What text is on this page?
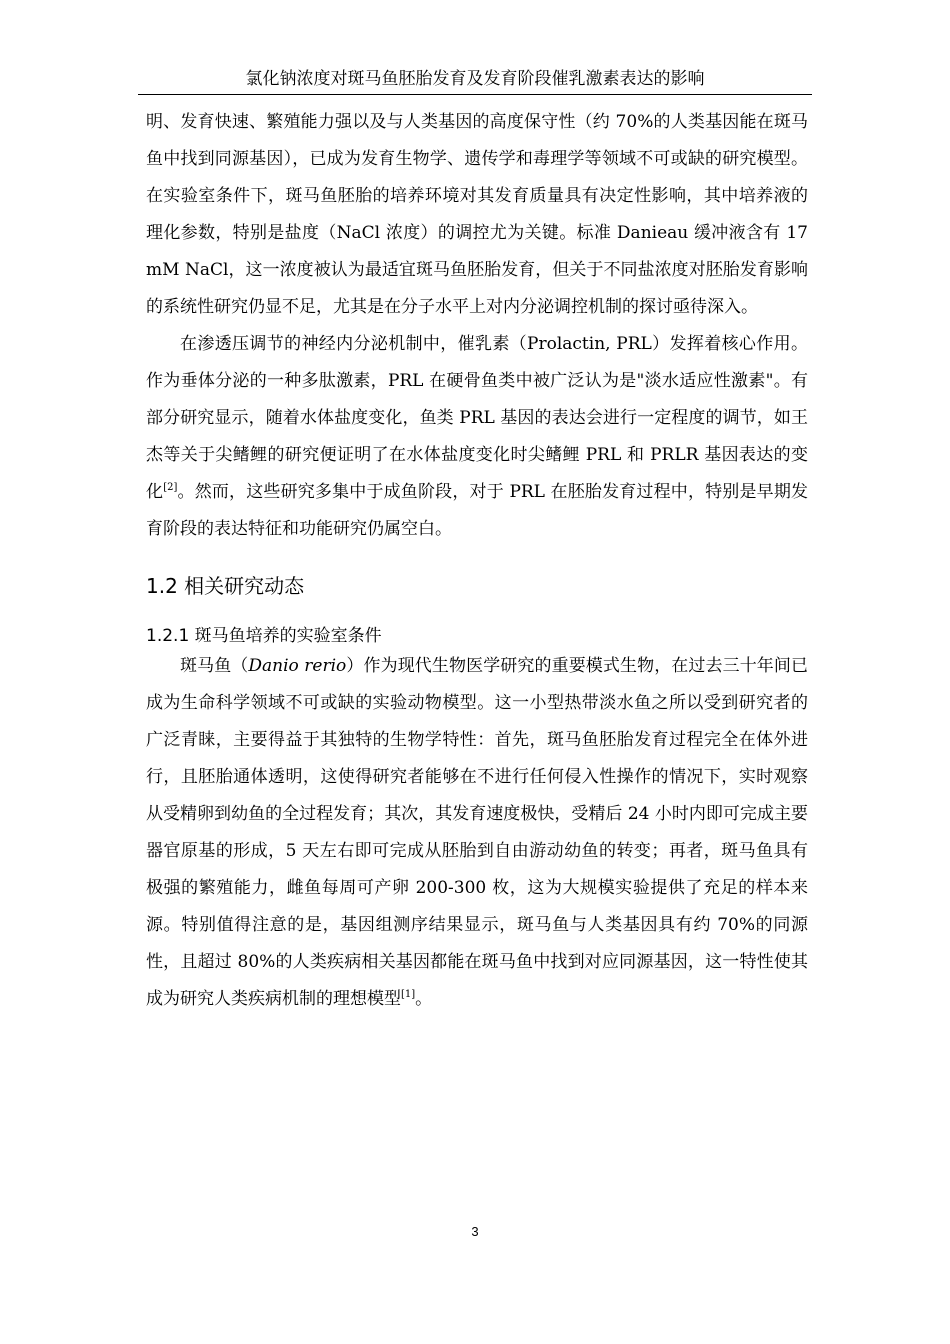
氯化钠浓度对斑马鱼胚胎发育及发育阶段催乳激素表达的影响

明、发育快速、繁殖能力强以及与人类基因的高度保守性（约 70%的人类基因能在斑马鱼中找到同源基因），已成为发育生物学、遗传学和毒理学等领域不可或缺的研究模型。在实验室条件下，斑马鱼胚胎的培养环境对其发育质量具有决定性影响，其中培养液的理化参数，特别是盐度（NaCl 浓度）的调控尤为关键。标准 Danieau 缓冲液含有 17 mM NaCl，这一浓度被认为最适宜斑马鱼胚胎发育，但关于不同盐浓度对胚胎发育影响的系统性研究仍显不足，尤其是在分子水平上对内分泌调控机制的探讨亟待深入。

在渗透压调节的神经内分泌机制中，催乳素（Prolactin, PRL）发挥着核心作用。作为垂体分泌的一种多肽激素，PRL 在硬骨鱼类中被广泛认为是"淡水适应性激素"。有部分研究显示，随着水体盐度变化，鱼类 PRL 基因的表达会进行一定程度的调节，如王杰等关于尖鳍鲤的研究便证明了在水体盐度变化时尖鳍鲤 PRL 和 PRLR 基因表达的变化[2]。然而，这些研究多集中于成鱼阶段，对于 PRL 在胚胎发育过程中，特别是早期发育阶段的表达特征和功能研究仍属空白。

1.2 相关研究动态
1.2.1 斑马鱼培养的实验室条件

斑马鱼（Danio rerio）作为现代生物医学研究的重要模式生物，在过去三十年间已成为生命科学领域不可或缺的实验动物模型。这一小型热带淡水鱼之所以受到研究者的广泛青睐，主要得益于其独特的生物学特性：首先，斑马鱼胚胎发育过程完全在体外进行，且胚胎通体透明，这使得研究者能够在不进行任何侵入性操作的情况下，实时观察从受精卵到幼鱼的全过程发育；其次，其发育速度极快，受精后 24 小时内即可完成主要器官原基的形成，5 天左右即可完成从胚胎到自由游动幼鱼的转变；再者，斑马鱼具有极强的繁殖能力，雌鱼每周可产卵 200-300 枚，这为大规模实验提供了充足的样本来源。特别值得注意的是，基因组测序结果显示，斑马鱼与人类基因具有约 70%的同源性，且超过 80%的人类疾病相关基因都能在斑马鱼中找到对应同源基因，这一特性使其成为研究人类疾病机制的理想模型[1]。

3
